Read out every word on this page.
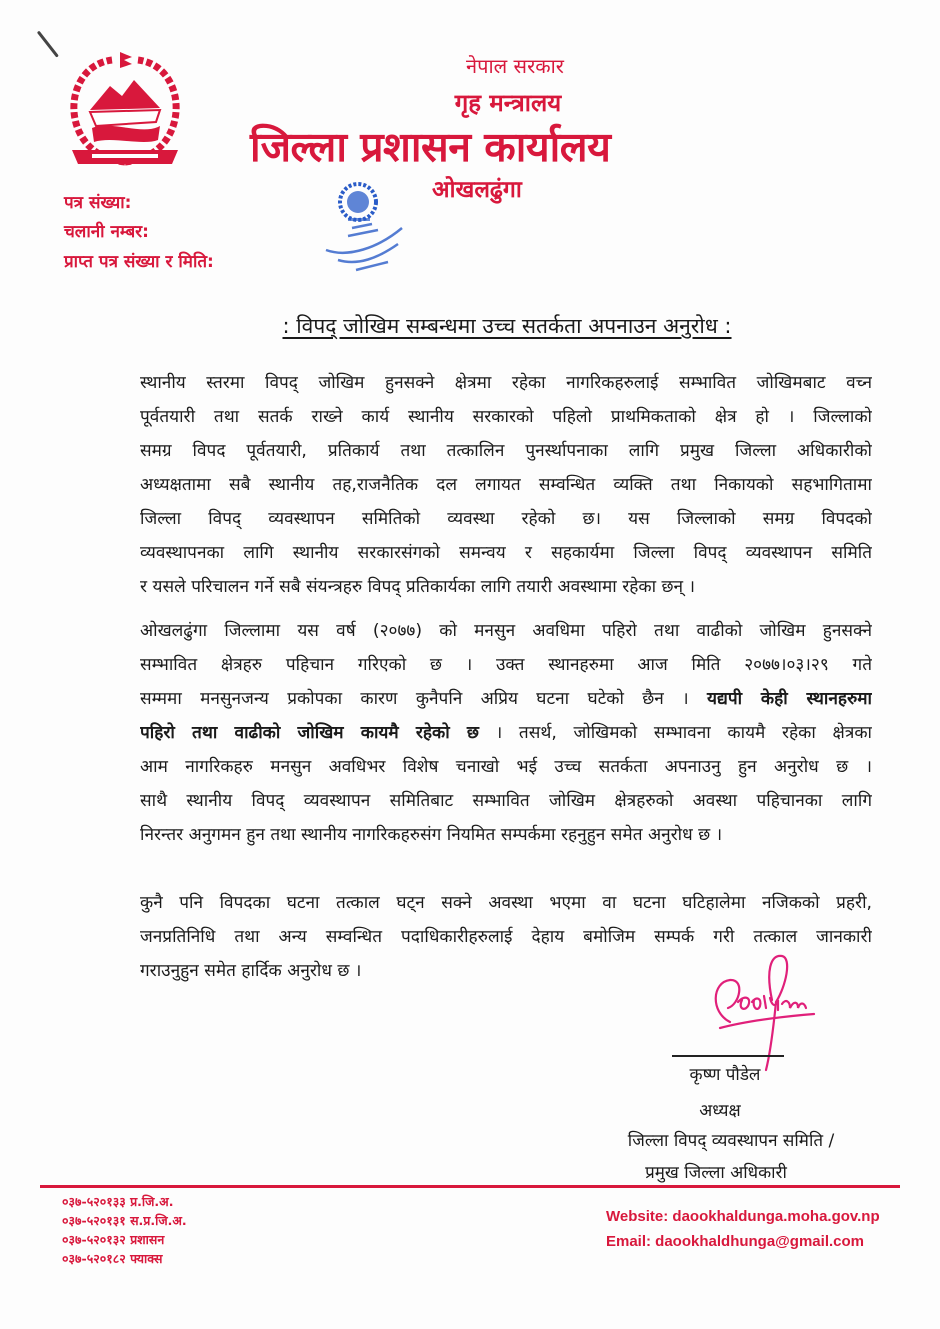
नेपाल सरकार
गृह मन्त्रालय
जिल्ला प्रशासन कार्यालय
ओखलढुंगा
पत्र संख्या:
चलानी नम्बर:
प्राप्त पत्र संख्या र मिति:
: विपद् जोखिम सम्बन्धमा उच्च सतर्कता अपनाउन अनुरोध :
स्थानीय स्तरमा विपद् जोखिम हुनसक्ने क्षेत्रमा रहेका नागरिकहरुलाई सम्भावित जोखिमबाट वच्न
पूर्वतयारी तथा सतर्क राख्ने कार्य स्थानीय सरकारको पहिलो प्राथमिकताको क्षेत्र हो । जिल्लाको
समग्र विपद पूर्वतयारी, प्रतिकार्य तथा तत्कालिन पुनर्स्थापनाका लागि प्रमुख जिल्ला अधिकारीको
अध्यक्षतामा सबै स्थानीय तह,राजनैतिक दल लगायत सम्वन्धित व्यक्ति तथा निकायको सहभागितामा
जिल्ला विपद् व्यवस्थापन समितिको व्यवस्था रहेको छ। यस जिल्लाको समग्र विपदको
व्यवस्थापनका लागि स्थानीय सरकारसंगको समन्वय र सहकार्यमा जिल्ला विपद् व्यवस्थापन समिति
र यसले परिचालन गर्ने सबै संयन्त्रहरु विपद् प्रतिकार्यका लागि तयारी अवस्थामा रहेका छन् ।
ओखलढुंगा जिल्लामा यस वर्ष (२०७७) को मनसुन अवधिमा पहिरो तथा वाढीको जोखिम हुनसक्ने
सम्भावित क्षेत्रहरु पहिचान गरिएको छ । उक्त स्थानहरुमा आज मिति २०७७।०३।२९ गते
सम्ममा मनसुनजन्य प्रकोपका कारण कुनैपनि अप्रिय घटना घटेको छैन । यद्यपी केही स्थानहरुमा
पहिरो तथा वाढीको जोखिम कायमै रहेको छ । तसर्थ, जोखिमको सम्भावना कायमै रहेका क्षेत्रका
आम नागरिकहरु मनसुन अवधिभर विशेष चनाखो भई उच्च सतर्कता अपनाउनु हुन अनुरोध छ ।
साथै स्थानीय विपद् व्यवस्थापन समितिबाट सम्भावित जोखिम क्षेत्रहरुको अवस्था पहिचानका लागि
निरन्तर अनुगमन हुन तथा स्थानीय नागरिकहरुसंग नियमित सम्पर्कमा रहनुहुन समेत अनुरोध छ ।
कुनै पनि विपदका घटना तत्काल घट्न सक्ने अवस्था भएमा वा घटना घटिहालेमा नजिकको प्रहरी,
जनप्रतिनिधि तथा अन्य सम्वन्धित पदाधिकारीहरुलाई देहाय बमोजिम सम्पर्क गरी तत्काल जानकारी
गराउनुहुन समेत हार्दिक अनुरोध छ ।
कृष्ण पौडेल
अध्यक्ष
जिल्ला विपद् व्यवस्थापन समिति /
प्रमुख जिल्ला अधिकारी
०३७-५२०१३३ प्र.जि.अ.
०३७-५२०१३१ स.प्र.जि.अ.
०३७-५२०१३२ प्रशासन
०३७-५२०१८२ फ्याक्स
Website: daookhaldunga.moha.gov.np
Email: daookhaldhunga@gmail.com
